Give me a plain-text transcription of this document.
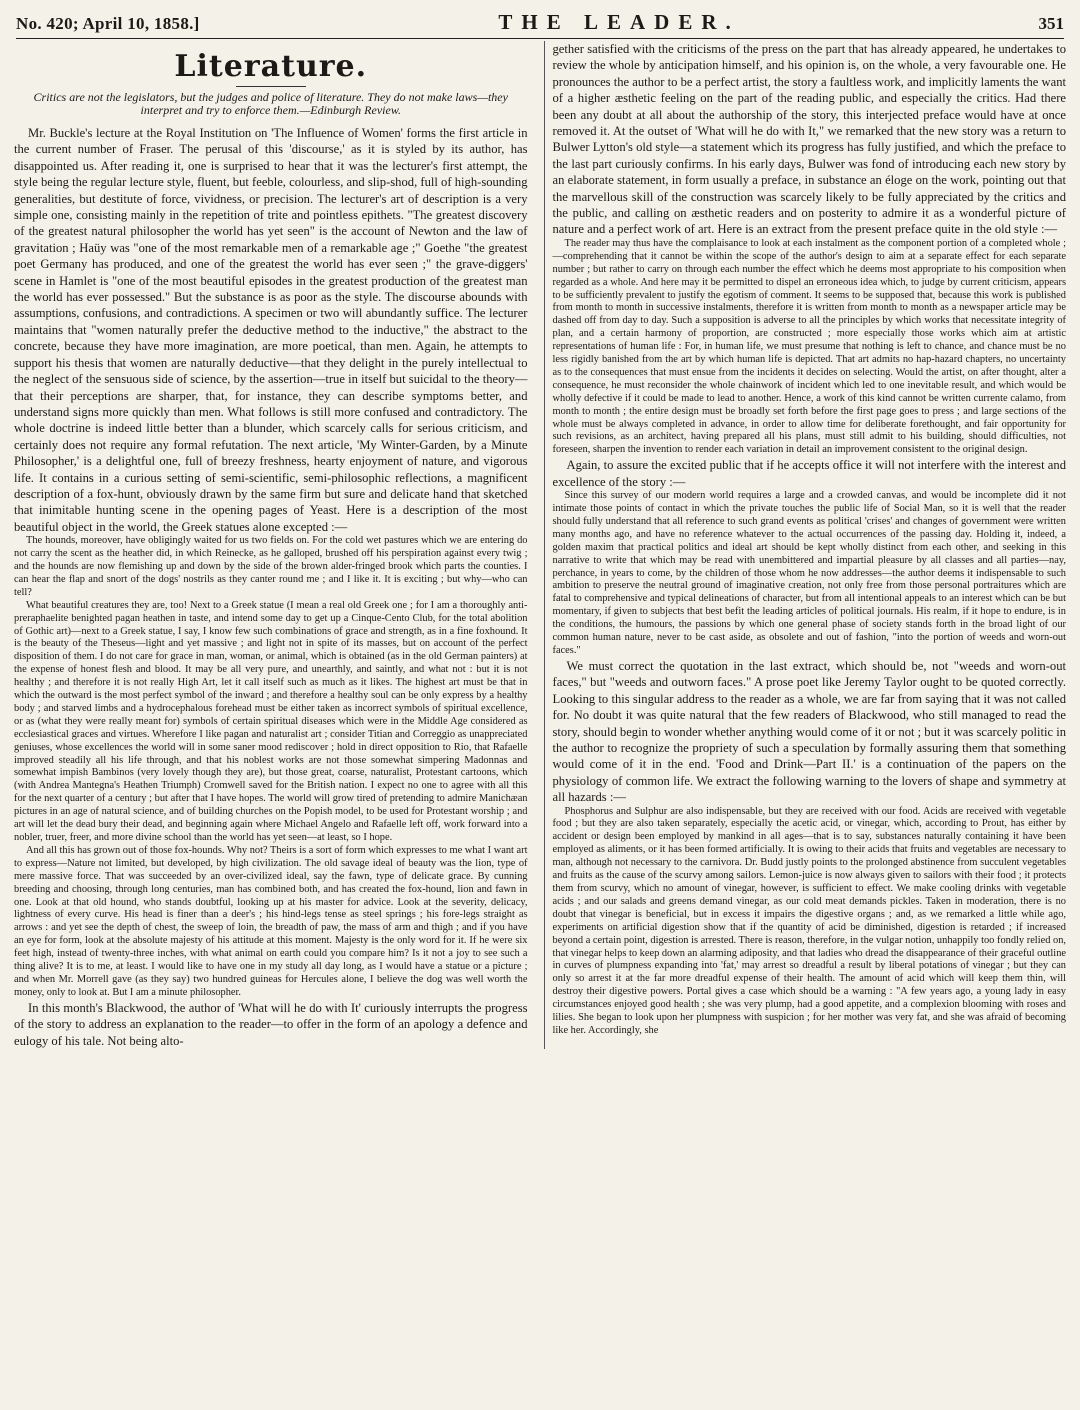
No. 420; April 10, 1858.]	THE LEADER.	351
Literature.
Critics are not the legislators, but the judges and police of literature. They do not make laws—they interpret and try to enforce them.—Edinburgh Review.

Mr. Buckle's lecture at the Royal Institution on 'The Influence of Women' forms the first article in the current number of Fraser. The perusal of this 'discourse,' as it is styled by its author, has disappointed us. After reading it, one is surprised to hear that it was the lecturer's first attempt, the style being the regular lecture style, fluent, but feeble, colourless, and slip-shod, full of high-sounding generalities, but destitute of force, vividness, or precision. The lecturer's art of description is a very simple one, consisting mainly in the repetition of trite and pointless epithets. "The greatest discovery of the greatest natural philosopher the world has yet seen" is the account of Newton and the law of gravitation ; Haüy was "one of the most remarkable men of a remarkable age ;" Goethe "the greatest poet Germany has produced, and one of the greatest the world has ever seen ;" the grave-diggers' scene in Hamlet is "one of the most beautiful episodes in the greatest production of the greatest man the world has ever possessed." But the substance is as poor as the style. The discourse abounds with assumptions, confusions, and contradictions. A specimen or two will abundantly suffice. The lecturer maintains that "women naturally prefer the deductive method to the inductive," the abstract to the concrete, because they have more imagination, are more poetical, than men. Again, he attempts to support his thesis that women are naturally deductive—that they delight in the purely intellectual to the neglect of the sensuous side of science, by the assertion—true in itself but suicidal to the theory—that their perceptions are sharper, that, for instance, they can describe symptoms better, and understand signs more quickly than men. What follows is still more confused and contradictory. The whole doctrine is indeed little better than a blunder, which scarcely calls for serious criticism, and certainly does not require any formal refutation. The next article, 'My Winter-Garden, by a Minute Philosopher,' is a delightful one, full of breezy freshness, hearty enjoyment of nature, and vigorous life. It contains in a curious setting of semi-scientific, semi-philosophic reflections, a magnificent description of a fox-hunt, obviously drawn by the same firm but sure and delicate hand that sketched that inimitable hunting scene in the opening pages of Yeast. Here is a description of the most beautiful object in the world, the Greek statues alone excepted :—

The hounds, moreover, have obligingly waited for us two fields on. For the cold wet pastures which we are entering do not carry the scent as the heather did, in which Reinecke, as he galloped, brushed off his perspiration against every twig ; and the hounds are now flemishing up and down by the side of the brown alder-fringed brook which parts the counties. I can hear the flap and snort of the dogs' nostrils as they canter round me ; and I like it. It is exciting ; but why—who can tell?

What beautiful creatures they are, too! Next to a Greek statue (I mean a real old Greek one ; for I am a thoroughly anti-preraphaelite benighted pagan heathen in taste, and intend some day to get up a Cinque-Cento Club, for the total abolition of Gothic art)—next to a Greek statue, I say, I know few such combinations of grace and strength, as in a fine foxhound. It is the beauty of the Theseus—light and yet massive ; and light not in spite of its masses, but on account of the perfect disposition of them. I do not care for grace in man, woman, or animal, which is obtained (as in the old German painters) at the expense of honest flesh and blood. It may be all very pure, and unearthly, and saintly, and what not : but it is not healthy ; and therefore it is not really High Art, let it call itself such as much as it likes. The highest art must be that in which the outward is the most perfect symbol of the inward ; and therefore a healthy soul can be only express by a healthy body ; and starved limbs and a hydrocephalous forehead must be either taken as incorrect symbols of spiritual excellence, or as (what they were really meant for) symbols of certain spiritual diseases which were in the Middle Age considered as ecclesiastical graces and virtues. Wherefore I like pagan and naturalist art ; consider Titian and Correggio as unappreciated geniuses, whose excellences the world will in some saner mood rediscover ; hold in direct opposition to Rio, that Rafaelle improved steadily all his life through, and that his noblest works are not those somewhat simpering Madonnas and somewhat impish Bambinos (very lovely though they are), but those great, coarse, naturalist, Protestant cartoons, which (with Andrea Mantegna's Heathen Triumph) Cromwell saved for the British nation. I expect no one to agree with all this for the next quarter of a century ; but after that I have hopes. The world will grow tired of pretending to admire Manichæan pictures in an age of natural science, and of building churches on the Popish model, to be used for Protestant worship ; and art will let the dead bury their dead, and beginning again where Michael Angelo and Rafaelle left off, work forward into a nobler, truer, freer, and more divine school than the world has yet seen—at least, so I hope.

And all this has grown out of those fox-hounds. Why not? Theirs is a sort of form which expresses to me what I want art to express—Nature not limited, but developed, by high civilization. The old savage ideal of beauty was the lion, type of mere massive force. That was succeeded by an over-civilized ideal, say the fawn, type of delicate grace. By cunning breeding and choosing, through long centuries, man has combined both, and has created the fox-hound, lion and fawn in one. Look at that old hound, who stands doubtful, looking up at his master for advice. Look at the severity, delicacy, lightness of every curve. His head is finer than a deer's ; his hind-legs tense as steel springs ; his fore-legs straight as arrows : and yet see the depth of chest, the sweep of loin, the breadth of paw, the mass of arm and thigh ; and if you have an eye for form, look at the absolute majesty of his attitude at this moment. Majesty is the only word for it. If he were six feet high, instead of twenty-three inches, with what animal on earth could you compare him? Is it not a joy to see such a thing alive? It is to me, at least. I would like to have one in my study all day long, as I would have a statue or a picture ; and when Mr. Morrell gave (as they say) two hundred guineas for Hercules alone, I believe the dog was well worth the money, only to look at. But I am a minute philosopher.

In this month's Blackwood, the author of 'What will he do with It' curiously interrupts the progress of the story to address an explanation to the reader—to offer in the form of an apology a defence and eulogy of his tale. Not being alto-

gether satisfied with the criticisms of the press on the part that has already appeared, he undertakes to review the whole by anticipation himself, and his opinion is, on the whole, a very favourable one. He pronounces the author to be a perfect artist, the story a faultless work, and implicitly laments the want of a higher æsthetic feeling on the part of the reading public, and especially the critics. Had there been any doubt at all about the authorship of the story, this interjected preface would have at once removed it. At the outset of 'What will he do with It," we remarked that the new story was a return to Bulwer Lytton's old style—a statement which its progress has fully justified, and which the preface to the last part curiously confirms. In his early days, Bulwer was fond of introducing each new story by an elaborate statement, in form usually a preface, in substance an éloge on the work, pointing out that the marvellous skill of the construction was scarcely likely to be fully appreciated by the critics and the public, and calling on æsthetic readers and on posterity to admire it as a wonderful picture of nature and a perfect work of art. Here is an extract from the present preface quite in the old style :—

The reader may thus have the complaisance to look at each instalment as the component portion of a completed whole ;—comprehending that it cannot be within the scope of the author's design to aim at a separate effect for each separate number ; but rather to carry on through each number the effect which he deems most appropriate to his composition when regarded as a whole. And here may it be permitted to dispel an erroneous idea which, to judge by current criticism, appears to be sufficiently prevalent to justify the egotism of comment. It seems to be supposed that, because this work is published from month to month in successive instalments, therefore it is written from month to month as a newspaper article may be dashed off from day to day. Such a supposition is adverse to all the principles by which works that necessitate integrity of plan, and a certain harmony of proportion, are constructed ; more especially those works which aim at artistic representations of human life : For, in human life, we must presume that nothing is left to chance, and chance must be no less rigidly banished from the art by which human life is depicted. That art admits no hap-hazard chapters, no uncertainty as to the consequences that must ensue from the incidents it decides on selecting. Would the artist, on after thought, alter a consequence, he must reconsider the whole chainwork of incident which led to one inevitable result, and which would be wholly defective if it could be made to lead to another. Hence, a work of this kind cannot be written currente calamo, from month to month ; the entire design must be broadly set forth before the first page goes to press ; and large sections of the whole must be always completed in advance, in order to allow time for deliberate forethought, and fair opportunity for such revisions, as an architect, having prepared all his plans, must still admit to his building, should difficulties, not foreseen, sharpen the invention to render each variation in detail an improvement consistent to the original design.

Again, to assure the excited public that if he accepts office it will not interfere with the interest and excellence of the story :—

Since this survey of our modern world requires a large and a crowded canvas, and would be incomplete did it not intimate those points of contact in which the private touches the public life of Social Man, so it is well that the reader should fully understand that all reference to such grand events as political 'crises' and changes of government were written many months ago, and have no reference whatever to the actual occurrences of the passing day. Holding it, indeed, a golden maxim that practical politics and ideal art should be kept wholly distinct from each other, and seeking in this narrative to write that which may be read with unembittered and impartial pleasure by all classes and all parties—nay, perchance, in years to come, by the children of those whom he now addresses—the author deems it indispensable to such ambition to preserve the neutral ground of imaginative creation, not only free from those personal portraitures which are fatal to comprehensive and typical delineations of character, but from all intentional appeals to an interest which can be but momentary, if given to subjects that best befit the leading articles of political journals. His realm, if it hope to endure, is in the conditions, the humours, the passions by which one general phase of society stands forth in the broad light of our common human nature, never to be cast aside, as obsolete and out of fashion, "into the portion of weeds and worn-out faces."

We must correct the quotation in the last extract, which should be, not "weeds and worn-out faces," but "weeds and outworn faces." A prose poet like Jeremy Taylor ought to be quoted correctly. Looking to this singular address to the reader as a whole, we are far from saying that it was not called for. No doubt it was quite natural that the few readers of Blackwood, who still managed to read the story, should begin to wonder whether anything would come of it or not ; but it was scarcely politic in the author to recognize the propriety of such a speculation by formally assuring them that something would come of it in the end. 'Food and Drink—Part II.' is a continuation of the papers on the physiology of common life. We extract the following warning to the lovers of shape and symmetry at all hazards :—

Phosphorus and Sulphur are also indispensable, but they are received with our food. Acids are received with vegetable food ; but they are also taken separately, especially the acetic acid, or vinegar, which, according to Prout, has either by accident or design been employed by mankind in all ages—that is to say, substances naturally containing it have been employed as aliments, or it has been formed artificially. It is owing to their acids that fruits and vegetables are necessary to man, although not necessary to the carnivora. Dr. Budd justly points to the prolonged abstinence from succulent vegetables and fruits as the cause of the scurvy among sailors. Lemon-juice is now always given to sailors with their food ; it protects them from scurvy, which no amount of vinegar, however, is sufficient to effect. We make cooling drinks with vegetable acids ; and our salads and greens demand vinegar, as our cold meat demands pickles. Taken in moderation, there is no doubt that vinegar is beneficial, but in excess it impairs the digestive organs ; and, as we remarked a little while ago, experiments on artificial digestion show that if the quantity of acid be diminished, digestion is retarded ; if increased beyond a certain point, digestion is arrested. There is reason, therefore, in the vulgar notion, unhappily too fondly relied on, that vinegar helps to keep down an alarming adiposity, and that ladies who dread the disappearance of their graceful outline in curves of plumpness expanding into 'fat,' may arrest so dreadful a result by liberal potations of vinegar ; but they can only so arrest it at the far more dreadful expense of their health. The amount of acid which will keep them thin, will destroy their digestive powers. Portal gives a case which should be a warning : "A few years ago, a young lady in easy circumstances enjoyed good health ; she was very plump, had a good appetite, and a complexion blooming with roses and lilies. She began to look upon her plumpness with suspicion ; for her mother was very fat, and she was afraid of becoming like her. Accordingly, she
